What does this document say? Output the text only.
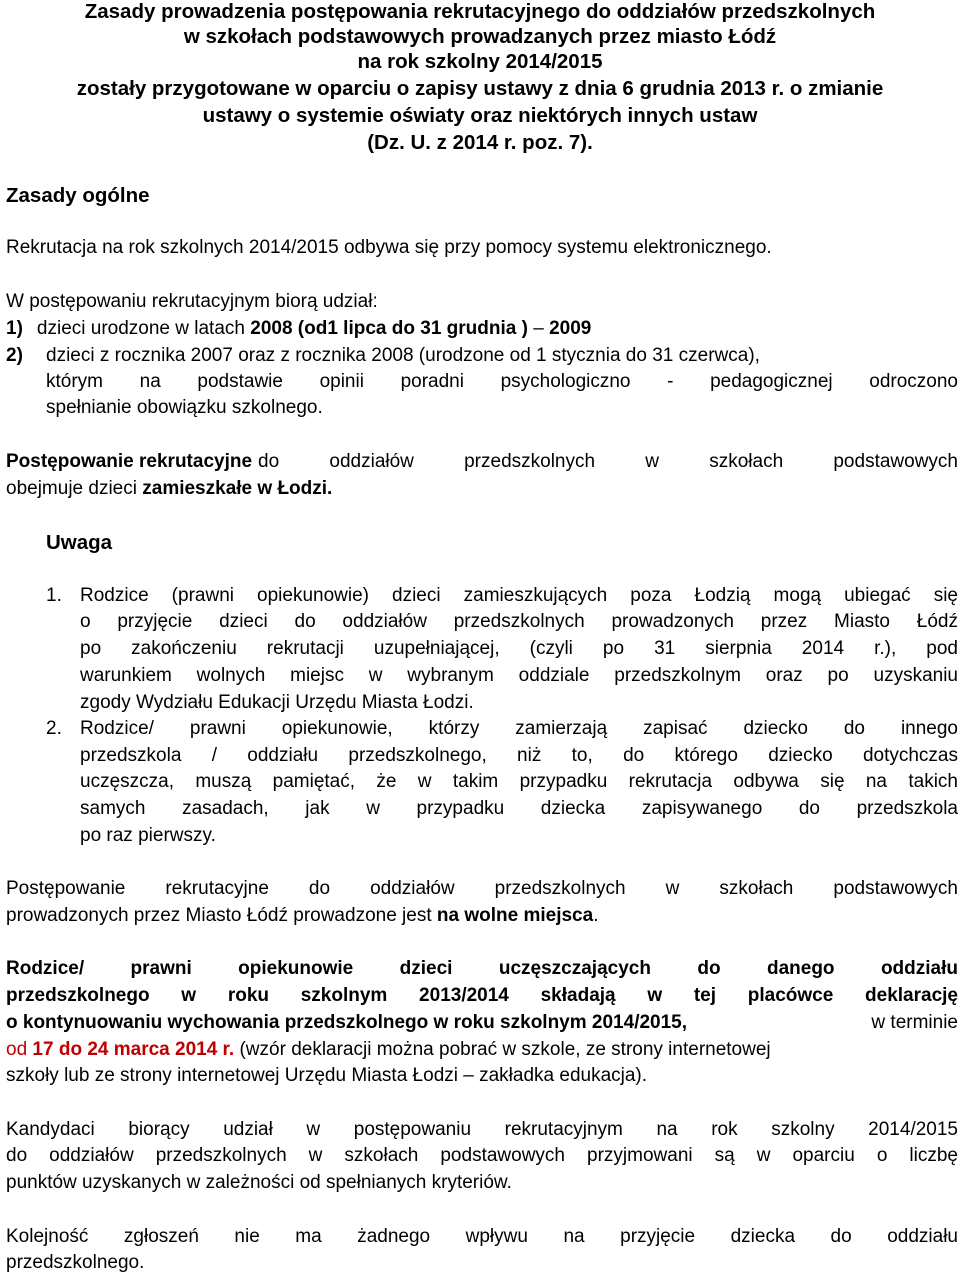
Zasady prowadzenia postępowania rekrutacyjnego do oddziałów przedszkolnych

w szkołach podstawowych prowadzanych przez miasto Łódź

na rok szkolny 2014/2015

zostały przygotowane w oparciu o zapisy ustawy z dnia 6 grudnia 2013 r. o zmianie

ustawy o systemie oświaty oraz niektórych innych ustaw

(Dz. U. z 2014 r. poz. 7).

Zasady ogólne

Rekrutacja na rok szkolnych 2014/2015 odbywa się przy pomocy systemu elektronicznego.

W postępowaniu rekrutacyjnym biorą udział:

1) dzieci urodzone w latach 2008 (od1 lipca do 31 grudnia ) – 2009
2) dzieci z rocznika 2007 oraz z rocznika 2008 (urodzone od 1 stycznia do 31 czerwca),

którym na podstawie opinii poradni psychologiczno - pedagogicznej odroczono

spełnianie obowiązku szkolnego.

Postępowanie rekrutacyjne do oddziałów przedszkolnych w szkołach podstawowych
obejmuje dzieci zamieszkałe w Łodzi.

Uwaga

1. Rodzice (prawni opiekunowie) dzieci zamieszkujących poza Łodzią mogą ubiegać się

o przyjęcie dzieci do oddziałów przedszkolnych prowadzonych przez Miasto Łódź

po zakończeniu rekrutacji uzupełniającej, (czyli po 31 sierpnia 2014 r.), pod

warunkiem wolnych miejsc w wybranym oddziale przedszkolnym oraz po uzyskaniu

zgody Wydziału Edukacji Urzędu Miasta Łodzi.

2. Rodzice/ prawni opiekunowie, którzy zamierzają zapisać dziecko do innego

przedszkola / oddziału przedszkolnego, niż to, do którego dziecko dotychczas

uczęszcza, muszą pamiętać, że w takim przypadku rekrutacja odbywa się na takich

samych zasadach, jak w przypadku dziecka zapisywanego do przedszkola

po raz pierwszy.

Postępowanie rekrutacyjne do oddziałów przedszkolnych w szkołach podstawowych

prowadzonych przez Miasto Łódź prowadzone jest na wolne miejsca.

Rodzice/ prawni opiekunowie dzieci uczęszczających do danego oddziału

przedszkolnego w roku szkolnym 2013/2014 składają w tej placówce deklarację

o kontynuowaniu wychowania przedszkolnego w roku szkolnym 2014/2015,	w terminie
od 17 do 24 marca 2014 r. (wzór deklaracji można pobrać w szkole, ze strony internetowej

szkoły lub ze strony internetowej Urzędu Miasta Łodzi – zakładka edukacja).

Kandydaci biorący udział w postępowaniu rekrutacyjnym na rok szkolny 2014/2015

do oddziałów przedszkolnych w szkołach podstawowych przyjmowani są w oparciu o liczbę

punktów uzyskanych w zależności od spełnianych kryteriów.

Kolejność zgłoszeń nie ma żadnego wpływu na przyjęcie dziecka do oddziału

przedszkolnego.
